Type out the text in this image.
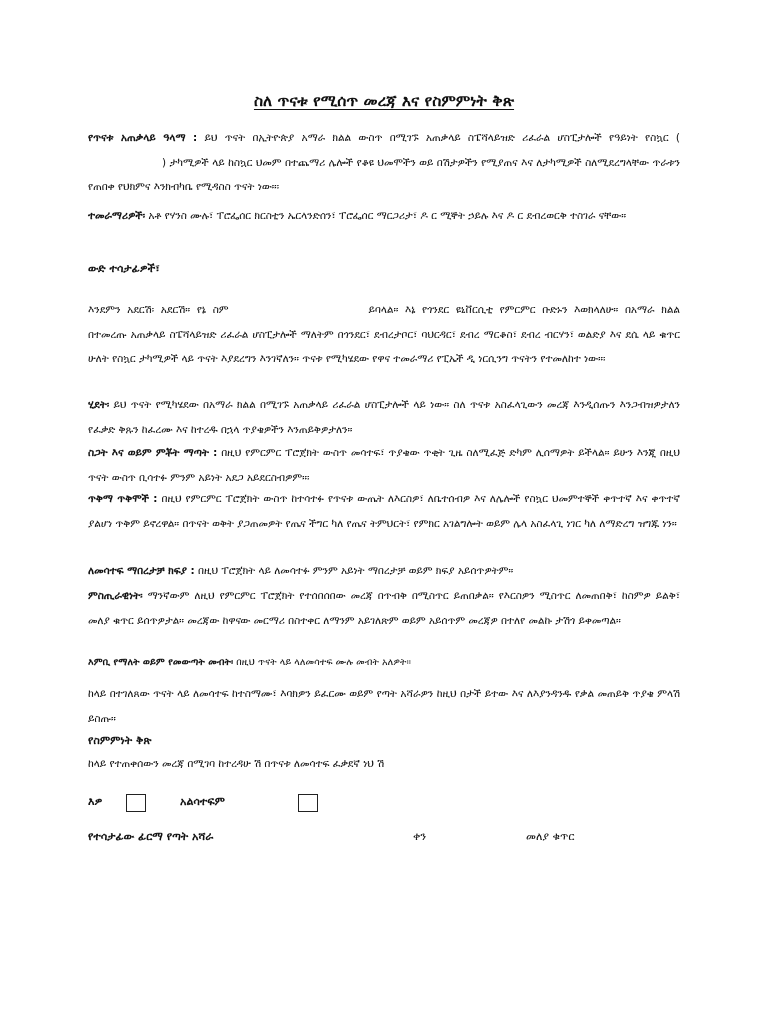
ስለ ጥናቱ የሚሰጥ መረጃ እና የስምምነት ቅጽ

የጥናቱ አጠቃላይ ዓላማ : ይህ ጥናት በኢትዮጵያ አማራ ክልል ውስጥ በሚገኙ አጠቃላይ ስፔሻላይዝድ ሪፈራል ሆስፒታሎች የዓይነት የስኳር () ታካሚዎች ላይ ከስኳር ህመም በተጨማሪ ሌሎች የቆዩ ህመሞችን ወይ በሽታዎችን የሚያጠና እና ለታካሚዎች ስለሚደረግላቸው ጥራቱን የጠበቀ የህክምና እንክብካቤ የሚዳስስ ጥናት ነው።፡

ተመራማሪዎች፡ አቶ የሃንስ ሙሉ፣ ፐሮፌሰር ክርስቲን ኤርላንድሰን፣ ፐሮፌሰር ማርጋሪታ፣ ዶ ር ሚኞት ኃይሉ እና ዶ ር ደብረወርቅ ተስገራ ናቸው።

ውድ ተሳታፊዎች፣

እንደምን አደርሽ፡ አደርሽ። የኔ ስም	ይባላል። እኔ የጎንደር ዩኒቨርሲቲ የምርምር ቡድኑን እወክላለሁ። በአማራ ክልል በተመረጡ አጠቃላይ ስፔሻላይዝድ ሪፈራል ሆስፒታሎች ማለትም በጎንደር፣ ደብረታቦር፣ ባህርዳር፣ ደብረ ማርቆስ፣ ደብረ ብርሃን፣ ወልድያ እና ደሴ ላይ ቁጥር ሁለት የስኳር ታካሚዎች ላይ ጥናት እያደረግን እንገኛለን። ጥናቱ የሚካሄደው የዋና ተመራማሪ የፒኤች ዲ ነርሲንግ ጥናትን የተመለከተ ነው።፡

ሂደት፡ ይህ ጥናት የሚካሄደው በአማራ ክልል በሚገኙ አጠቃላይ ሪፈራል ሆስፒታሎች ላይ ነው። ስለ ጥናቱ አስፈላጊውን መረጃ እንዲሰጡን እንጋብዝዎታለን የፈቃድ ቅጹን ከፈረሙ እና ከተረዱ በኋላ ጥያቄዎችን እንጠይቅዎታለን።

ስጋት እና ወይም ምቾት ማጣት : በዚህ የምርምር ፐሮጀክት ውስጥ መሳተፍ፣ ጥያቄው ጥቂት ጊዜ ስለሚፈጅ ድካም ሊሰማዎት ይችላል። ይሁን እንጂ በዚህ ጥናት ውስጥ ቢሳተፉ ምንም አይነት አደጋ አይደርስብዎም።፡

ጥቅማ ጥቅሞች : በዚህ የምርምር ፐሮጀክት ውስጥ ከተሳተፉ የጥናቱ ውጤት ለእርስዎ፣ ለቤተሰብዎ እና ለሌሎች የስኳር ህመምተኞች ቀጥተኛ እና ቀጥተኛ ያልሆነ ጥቅም ይኖረዋል። በጥናት ወቅት ያጋጠመዎት የጤና ችግር ካለ የጤና ትምህርት፣ የምክር አገልግሎት ወይም ሌላ አስፈላጊ ነገር ካለ ለማድረግ ዝግጁ ነን።

ለመሳተፍ ማበረታቻ ክፍያ : በዚህ ፐሮጀክት ላይ ለመሳተፉ ምንም አይነት ማበረታቻ ወይም ክፍያ አይሰጥዎትም።

ምስጢራዊነት፡ ማንኛውም ለዚህ የምርምር ፐሮጀክት የተሰበሰበው መረጃ በጥብቅ በሚስጥር ይጠበቃል። የእርስዎን ሚስጥር ለመጠበቅ፣ ከስምዎ ይልቅ፣ መለያ ቁጥር ይሰጥዎታል። መረጃው ከዋናው መርማሪ በስተቀር ለማንም አይገለጽም ወይም አይሰጥም መረጃዎ በተለየ መልኩ ታሽጎ ይቀመጣል።

እምቢ የማለት ወይም የመውጣት መብት፡ በዚህ ጥናት ላይ ላለመሳተፍ ሙሉ መብት አለዎት።

ከላይ በተገለጸው ጥናት ላይ ለመሳተፍ ከተስማሙ፣ እባክዎን ይፈርሙ ወይም የጣት አሻራዎን ከዚህ በታች ይተው እና ለእያንዳንዱ የቃል መጠይቅ ጥያቄ ምላሽ ይስጡ።

የስምምነት ቅጽ

ከላይ የተጠቀሰውን መረጃ በሚገባ ከተረዳሁ ሽ በጥናቱ ለመሳተፍ ፈቃደኛ ነህ ሽ

እዎ	አልሳተፍም
የተሳታፊው ፊርማ የጣት አሻራ	ቀን	መለያ ቁጥር
